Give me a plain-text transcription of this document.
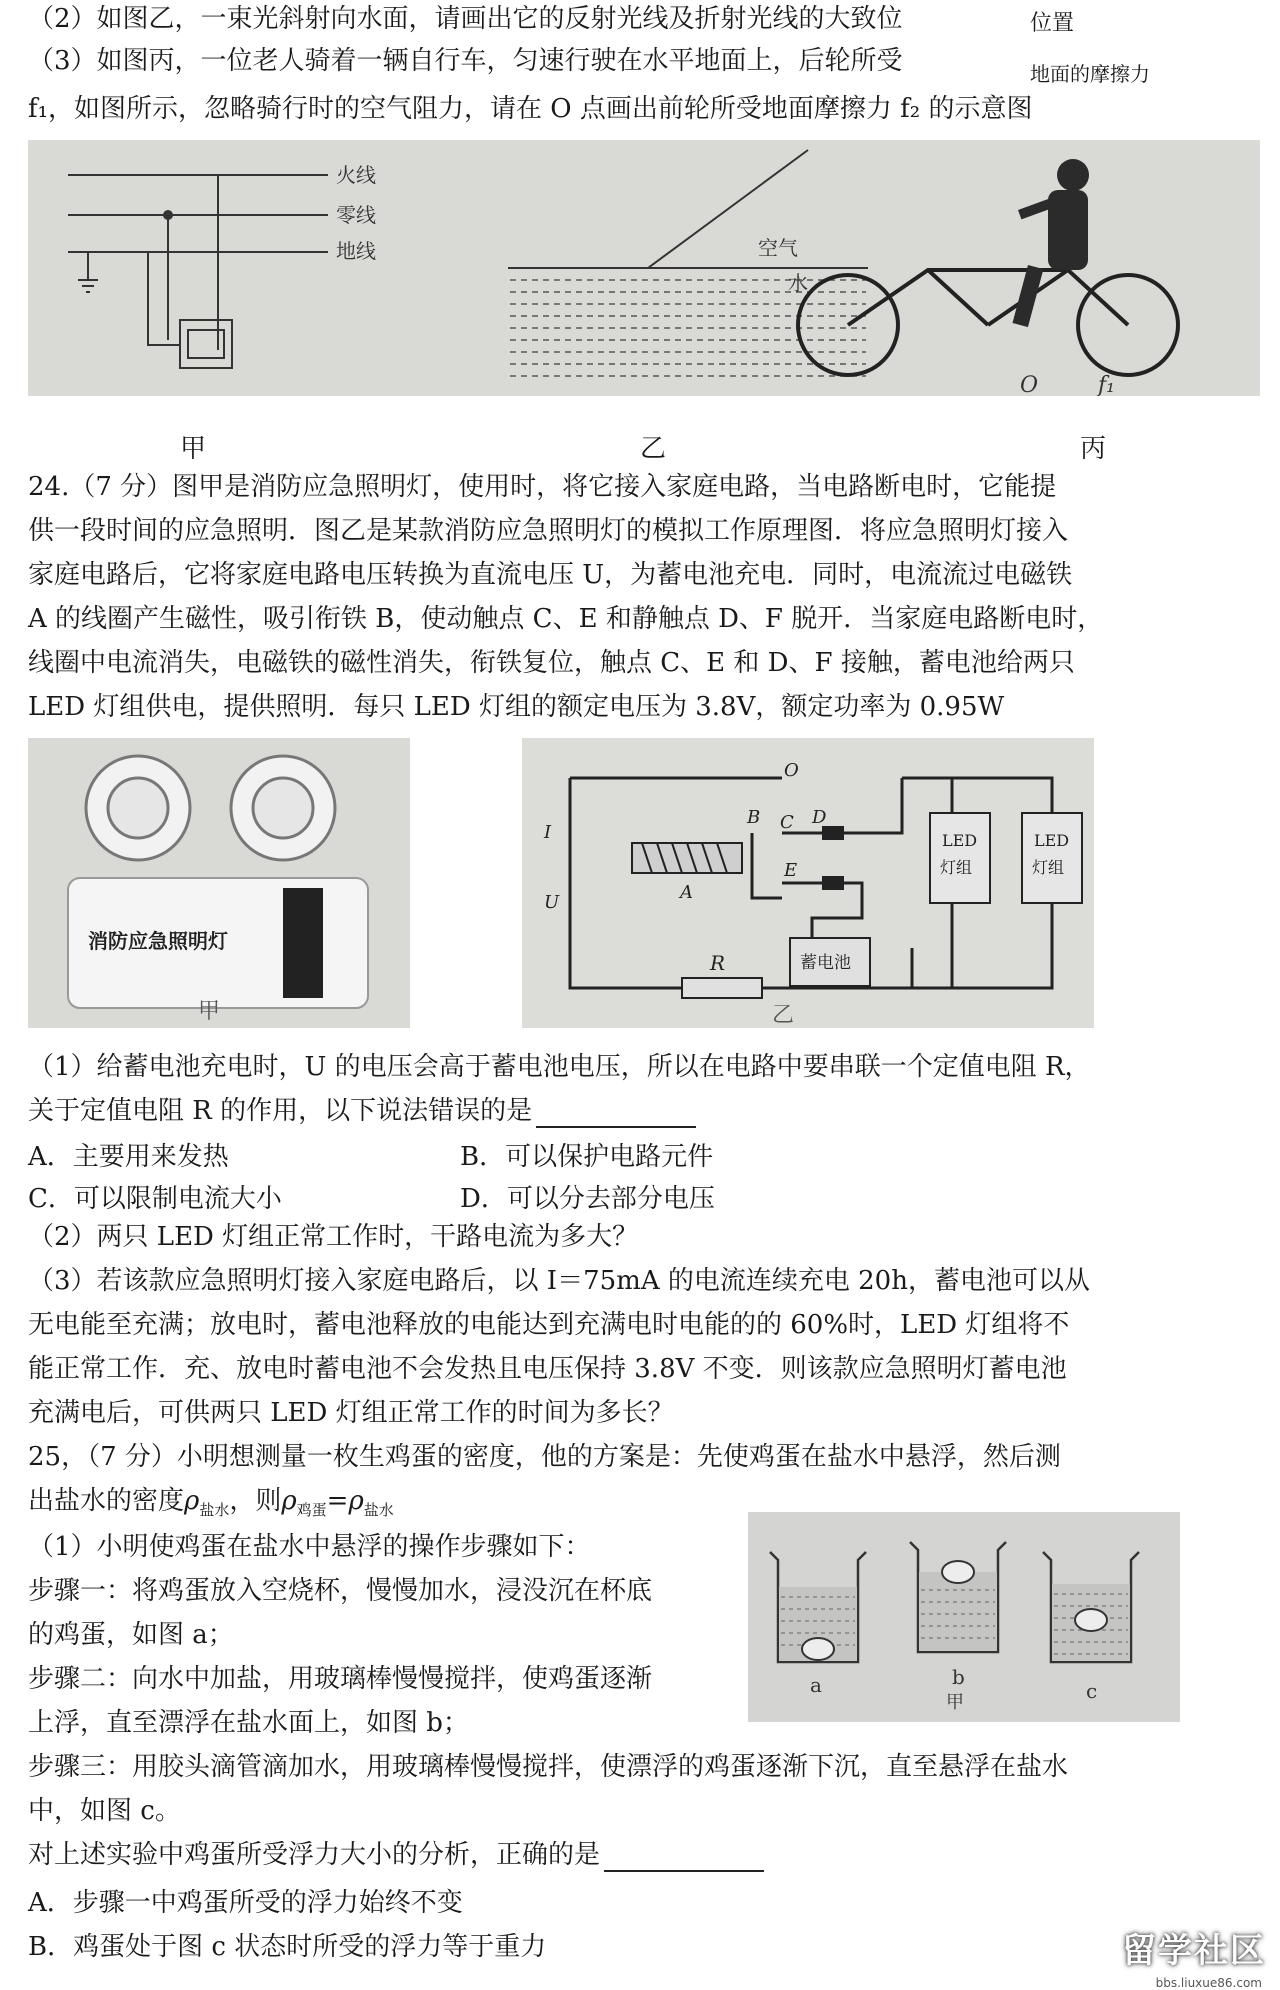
（2）如图乙，一束光斜射向水面，请画出它的反射光线及折射光线的大致位	位置
（3）如图丙，一位老人骑着一辆自行车，匀速行驶在水平地面上，后轮所受	地面的摩擦力
f₁，如图所示，忽略骑行时的空气阻力，请在 O 点画出前轮所受地面摩擦力 f₂ 的示意图
火线
零线
地线	空气
水
O	f₁
甲	乙	丙
24.（7 分）图甲是消防应急照明灯，使用时，将它接入家庭电路，当电路断电时，它能提
供一段时间的应急照明．图乙是某款消防应急照明灯的模拟工作原理图．将应急照明灯接入
家庭电路后，它将家庭电路电压转换为直流电压 U，为蓄电池充电．同时，电流流过电磁铁
A 的线圈产生磁性，吸引衔铁 B，使动触点 C、E 和静触点 D、F 脱开．当家庭电路断电时，
线圈中电流消失，电磁铁的磁性消失，衔铁复位，触点 C、E 和 D、F 接触，蓄电池给两只
LED 灯组供电，提供照明．每只 LED 灯组的额定电压为 3.8V，额定功率为 0.95W
消防应急照明灯
甲
蓄电池
R
LED
灯组
LED
灯组
O
B C D
E
A
I
U
乙
（1）给蓄电池充电时，U 的电压会高于蓄电池电压，所以在电路中要串联一个定值电阻 R，
关于定值电阻 R 的作用，以下说法错误的是
A．主要用来发热	B．可以保护电路元件
C．可以限制电流大小	D．可以分去部分电压
（2）两只 LED 灯组正常工作时，干路电流为多大？
（3）若该款应急照明灯接入家庭电路后，以 I＝75mA 的电流连续充电 20h，蓄电池可以从
无电能至充满；放电时，蓄电池释放的电能达到充满电时电能的的 60%时，LED 灯组将不
能正常工作．充、放电时蓄电池不会发热且电压保持 3.8V 不变．则该款应急照明灯蓄电池
充满电后，可供两只 LED 灯组正常工作的时间为多长？
25，（7 分）小明想测量一枚生鸡蛋的密度，他的方案是：先使鸡蛋在盐水中悬浮，然后测
出盐水的密度$\rho_{盐水}$，则$\rho_{鸡蛋}=\rho_{盐水}$
（1）小明使鸡蛋在盐水中悬浮的操作步骤如下：
步骤一：将鸡蛋放入空烧杯，慢慢加水，浸没沉在杯底
的鸡蛋，如图 a；
步骤二：向水中加盐，用玻璃棒慢慢搅拌，使鸡蛋逐渐
上浮，直至漂浮在盐水面上，如图 b；
a	b
甲	c
步骤三：用胶头滴管滴加水，用玻璃棒慢慢搅拌，使漂浮的鸡蛋逐渐下沉，直至悬浮在盐水
中，如图 c。
对上述实验中鸡蛋所受浮力大小的分析，正确的是
A．步骤一中鸡蛋所受的浮力始终不变
B．鸡蛋处于图 c 状态时所受的浮力等于重力	留学社区
bbs.liuxue86.com
